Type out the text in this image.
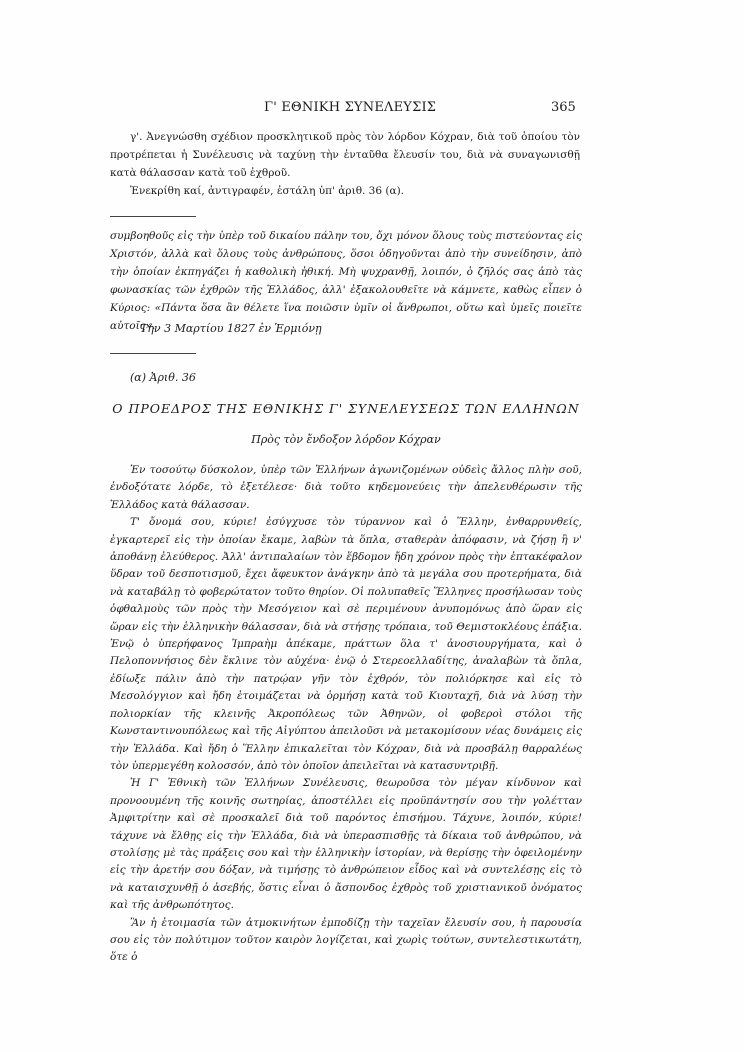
Γ' ΕΘΝΙΚΗ ΣΥΝΕΛΕΥΣΙΣ	365

γ'. Ἀνεγνώσθη σχέδιον προσκλητικοῦ πρὸς τὸν λόρδον Κόχραν, διὰ τοῦ ὁποίου τὸν προτρέπεται ἡ Συνέλευσις νὰ ταχύνῃ τὴν ἐνταῦθα ἔλευσίν του, διὰ νὰ συναγωνισθῇ κατὰ θάλασσαν κατὰ τοῦ ἐχθροῦ.

Ἐνεκρίθη καί, ἀντιγραφέν, ἐστάλη ὑπ' ἀριθ. 36 (α).

συμβοηθοῦς εἰς τὴν ὑπὲρ τοῦ δικαίου πάλην του, ὄχι μόνον ὅλους τοὺς πιστεύοντας εἰς Χριστόν, ἀλλὰ καὶ ὅλους τοὺς ἀνθρώπους, ὅσοι ὁδηγοῦνται ἀπὸ τὴν συνείδησιν, ἀπὸ τὴν ὁποίαν ἐκπηγάζει ἡ καθολικὴ ἠθική. Μὴ ψυχρανθῇ, λοιπόν, ὁ ζῆλός σας ἀπὸ τὰς φωνασκίας τῶν ἐχθρῶν τῆς Ἑλλάδος, ἀλλ' ἐξακολουθεῖτε νὰ κάμνετε, καθὼς εἶπεν ὁ Κύριος: «Πάντα ὅσα ἂν θέλετε ἵνα ποιῶσιν ὑμῖν οἱ ἄνθρωποι, οὕτω καὶ ὑμεῖς ποιεῖτε αὐτοῖς».
Τὴν 3 Μαρτίου 1827 ἐν Ἑρμιόνῃ
(α) Ἀριθ. 36
Ο ΠΡΟΕΔΡΟΣ ΤΗΣ ΕΘΝΙΚΗΣ Γ' ΣΥΝΕΛΕΥΣΕΩΣ ΤΩΝ ΕΛΛΗΝΩΝ
Πρὸς τὸν ἔνδοξον λόρδον Κόχραν

Ἐν τοσούτῳ δύσκολον, ὑπὲρ τῶν Ἑλλήνων ἀγωνιζομένων οὐδεὶς ἄλλος πλὴν σοῦ, ἐνδοξότατε λόρδε, τὸ ἐξετέλεσε· διὰ τοῦτο κηδεμονεύεις τὴν ἀπελευθέρωσιν τῆς Ἑλλάδος κατὰ θάλασσαν.

Τ' ὄνομά σου, κύριε! ἐσύγχυσε τὸν τύραννον καὶ ὁ Ἕλλην, ἐνθαρρυνθείς, ἐγκαρτερεῖ εἰς τὴν ὁποίαν ἔκαμε, λαβὼν τὰ ὅπλα, σταθερὰν ἀπόφασιν, νὰ ζήσῃ ἢ ν' ἀποθάνῃ ἐλεύθερος. Ἀλλ' ἀντιπαλαίων τὸν ἕβδομον ἤδη χρόνον πρὸς τὴν ἑπτακέφαλον ὕδραν τοῦ δεσποτισμοῦ, ἔχει ἄφευκτον ἀνάγκην ἀπὸ τὰ μεγάλα σου προτερήματα, διὰ νὰ καταβάλῃ τὸ φοβερώτατον τοῦτο θηρίον. Οἱ πολυπαθεῖς Ἕλληνες προσήλωσαν τοὺς ὀφθαλμοὺς τῶν πρὸς τὴν Μεσόγειον καὶ σὲ περιμένουν ἀνυπομόνως ἀπὸ ὥραν εἰς ὥραν εἰς τὴν ἑλληνικὴν θάλασσαν, διὰ νὰ στήσῃς τρόπαια, τοῦ Θεμιστοκλέους ἐπάξια. Ἐνῷ ὁ ὑπερήφανος Ἰμπραὴμ ἀπέκαμε, πράττων ὅλα τ' ἀνοσιουργήματα, καὶ ὁ Πελοποννήσιος δὲν ἔκλινε τὸν αὐχένα· ἐνῷ ὁ Στερεοελλαδίτης, ἀναλαβὼν τὰ ὅπλα, ἐδίωξε πάλιν ἀπὸ τὴν πατρῴαν γῆν τὸν ἐχθρόν, τὸν πολιόρκησε καὶ εἰς τὸ Μεσολόγγιον καὶ ἤδη ἑτοιμάζεται νὰ ὁρμήσῃ κατὰ τοῦ Κιουταχῆ, διὰ νὰ λύσῃ τὴν πολιορκίαν τῆς κλεινῆς Ἀκροπόλεως τῶν Ἀθηνῶν, οἱ φοβεροὶ στόλοι τῆς Κωνσταντινουπόλεως καὶ τῆς Αἰγύπτου ἀπειλοῦσι νὰ μετακομίσουν νέας δυνάμεις εἰς τὴν Ἑλλάδα. Καὶ ἤδη ὁ Ἕλλην ἐπικαλεῖται τὸν Κόχραν, διὰ νὰ προσβάλῃ θαρραλέως τὸν ὑπερμεγέθη κολοσσόν, ἀπὸ τὸν ὁποῖον ἀπειλεῖται νὰ κατασυντριβῇ.

Ἡ Γ' Ἐθνικὴ τῶν Ἑλλήνων Συνέλευσις, θεωροῦσα τὸν μέγαν κίνδυνον καὶ προνοουμένη τῆς κοινῆς σωτηρίας, ἀποστέλλει εἰς προϋπάντησίν σου τὴν γολέτταν Ἀμφιτρίτην καὶ σὲ προσκαλεῖ διὰ τοῦ παρόντος ἐπισήμου. Τάχυνε, λοιπόν, κύριε! τάχυνε νὰ ἔλθῃς εἰς τὴν Ἑλλάδα, διὰ νὰ ὑπερασπισθῇς τὰ δίκαια τοῦ ἀνθρώπου, νὰ στολίσῃς μὲ τὰς πράξεις σου καὶ τὴν ἑλληνικὴν ἱστορίαν, νὰ θερίσῃς τὴν ὀφειλομένην εἰς τὴν ἀρετήν σου δόξαν, νὰ τιμήσῃς τὸ ἀνθρώπειον εἶδος καὶ νὰ συντελέσῃς εἰς τὸ νὰ καταισχυνθῇ ὁ ἀσεβής, ὅστις εἶναι ὁ ἄσπονδος ἐχθρὸς τοῦ χριστιανικοῦ ὀνόματος καὶ τῆς ἀνθρωπότητος.

Ἂν ἡ ἑτοιμασία τῶν ἀτμοκινήτων ἐμποδίζῃ τὴν ταχεῖαν ἔλευσίν σου, ἡ παρουσία σου εἰς τὸν πολύτιμον τοῦτον καιρὸν λογίζεται, καὶ χωρὶς τούτων, συντελεστικωτάτη, ὅτε ὁ
